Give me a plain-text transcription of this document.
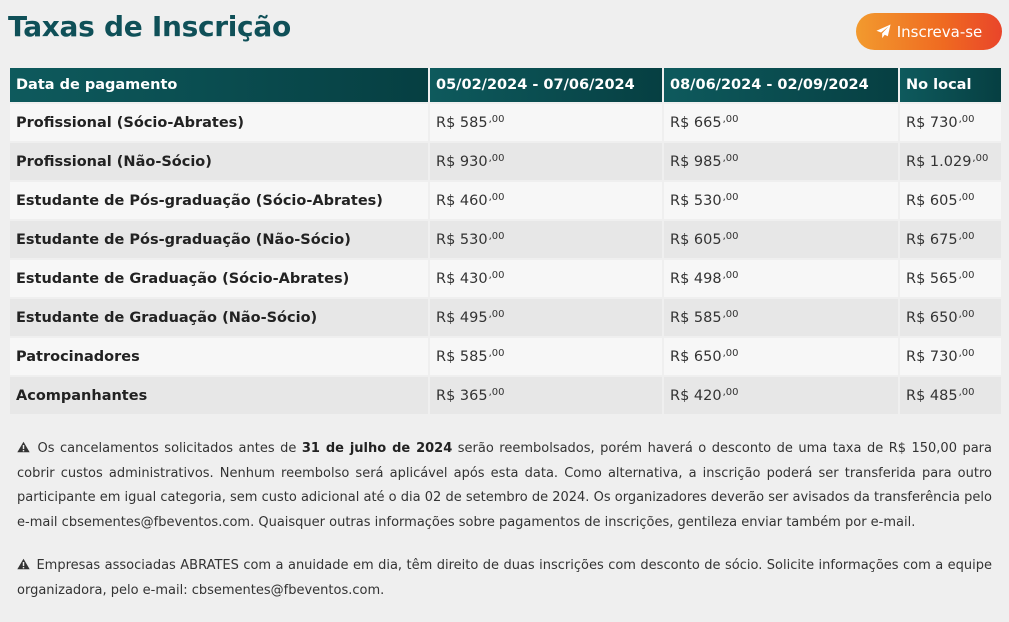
Taxas de Inscrição	Inscreva-se
Data de pagamento	05/02/2024 - 07/06/2024	08/06/2024 - 02/09/2024	No local
Profissional (Sócio-Abrates)	R$ $585^{,00}$	R$ $665^{,00}$	R$ $730^{,00}$
Profissional (Não-Sócio)	R$ $930^{,00}$	R$ $985^{,00}$	R$ $1.029^{,00}$
Estudante de Pós-graduação (Sócio-Abrates)	R$ $460^{,00}$	R$ $530^{,00}$	R$ $605^{,00}$
Estudante de Pós-graduação (Não-Sócio)	R$ $530^{,00}$	R$ $605^{,00}$	R$ $675^{,00}$
Estudante de Graduação (Sócio-Abrates)	R$ $430^{,00}$	R$ $498^{,00}$	R$ $565^{,00}$
Estudante de Graduação (Não-Sócio)	R$ $495^{,00}$	R$ $585^{,00}$	R$ $650^{,00}$
Patrocinadores	R$ $585^{,00}$	R$ $650^{,00}$	R$ $730^{,00}$
Acompanhantes	R$ $365^{,00}$	R$ $420^{,00}$	R$ $485^{,00}$

Os cancelamentos solicitados antes de 31 de julho de 2024 serão reembolsados, porém haverá o desconto de uma taxa de R$ 150,00 para cobrir custos administrativos. Nenhum reembolso será aplicável após esta data. Como alternativa, a inscrição poderá ser transferida para outro participante em igual categoria, sem custo adicional até o dia 02 de setembro de 2024. Os organizadores deverão ser avisados da transferência pelo e-mail cbsementes@fbeventos.com. Quaisquer outras informações sobre pagamentos de inscrições, gentileza enviar também por e-mail.

Empresas associadas ABRATES com a anuidade em dia, têm direito de duas inscrições com desconto de sócio. Solicite informações com a equipe organizadora, pelo e-mail: cbsementes@fbeventos.com.
